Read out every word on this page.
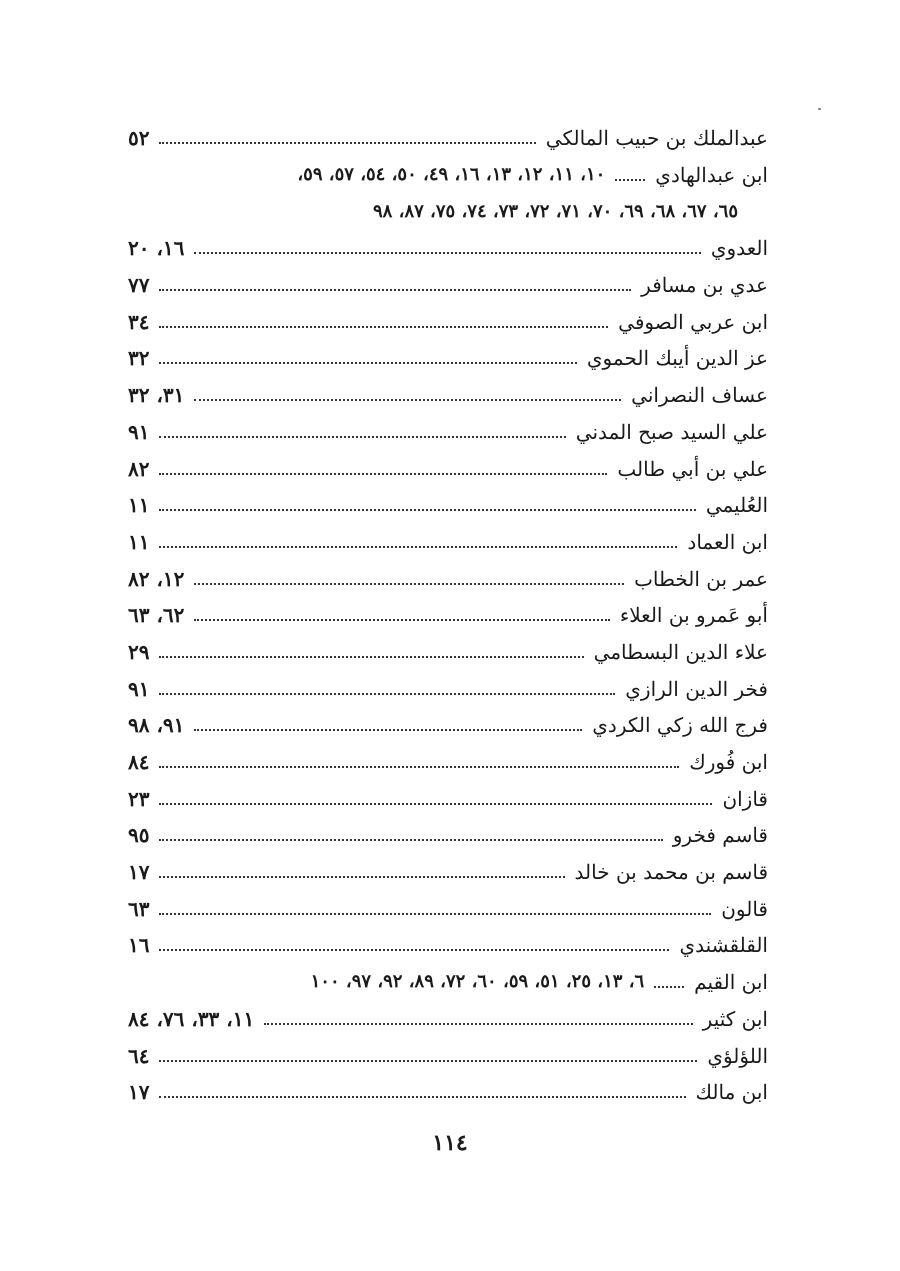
عبدالملك بن حبيب المالكي
٥٢
ابن عبدالهادي
١٠، ١١، ١٢، ١٣، ١٦، ٤٩، ٥٠، ٥٤، ٥٧، ٥٩،
٦٥، ٦٧، ٦٨، ٦٩، ٧٠، ٧١، ٧٢، ٧٣، ٧٤، ٧٥، ٨٧، ٩٨
العدوي
١٦، ٢٠
عدي بن مسافر
٧٧
ابن عربي الصوفي
٣٤
عز الدين أيبك الحموي
٣٢
عساف النصراني
٣١، ٣٢
علي السيد صبح المدني
٩١
علي بن أبي طالب
٨٢
العُليمي
١١
ابن العماد
١١
عمر بن الخطاب
١٢، ٨٢
أبو عَمرو بن العلاء
٦٢، ٦٣
علاء الدين البسطامي
٢٩
فخر الدين الرازي
٩١
فرج الله زكي الكردي
٩١، ٩٨
ابن فُورك
٨٤
قازان
٢٣
قاسم فخرو
٩٥
قاسم بن محمد بن خالد
١٧
قالون
٦٣
القلقشندي
١٦
ابن القيم
٦، ١٣، ٢٥، ٥١، ٥٩، ٦٠، ٧٢، ٨٩، ٩٢، ٩٧، ١٠٠
ابن كثير
١١، ٣٣، ٧٦، ٨٤
اللؤلؤي
٦٤
ابن مالك
١٧
١١٤
